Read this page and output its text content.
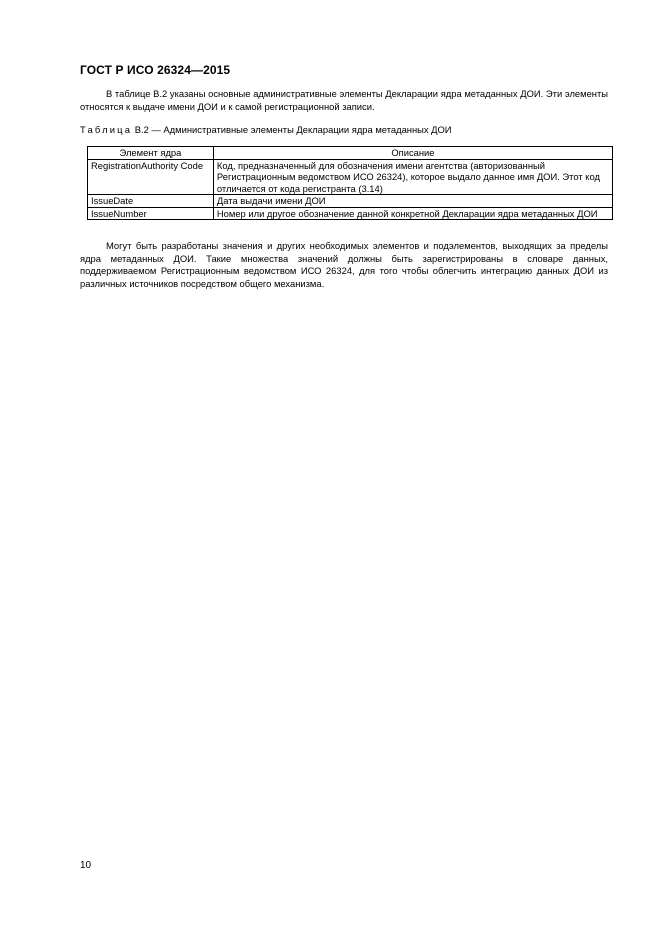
ГОСТ Р ИСО 26324—2015
В таблице В.2 указаны основные административные элементы Декларации ядра метаданных ДОИ. Эти элементы относятся к выдаче имени ДОИ и к самой регистрационной записи.
Таблица В.2 — Административные элементы Декларации ядра метаданных ДОИ
Элемент ядра	Описание
RegistrationAuthority Code	Код, предназначенный для обозначения имени агентства (авторизованный Регистрационным ведомством ИСО 26324), которое выдало данное имя ДОИ. Этот код отличается от кода регистранта (3.14)
IssueDate	Дата выдачи имени ДОИ
IssueNumber	Номер или другое обозначение данной конкретной Декларации ядра метаданных ДОИ
Могут быть разработаны значения и других необходимых элементов и подэлементов, выходящих за пределы ядра метаданных ДОИ. Такие множества значений должны быть зарегистрированы в словаре данных, поддерживаемом Регистрационным ведомством ИСО 26324, для того чтобы облегчить интеграцию данных ДОИ из различных источников посредством общего механизма.
10
